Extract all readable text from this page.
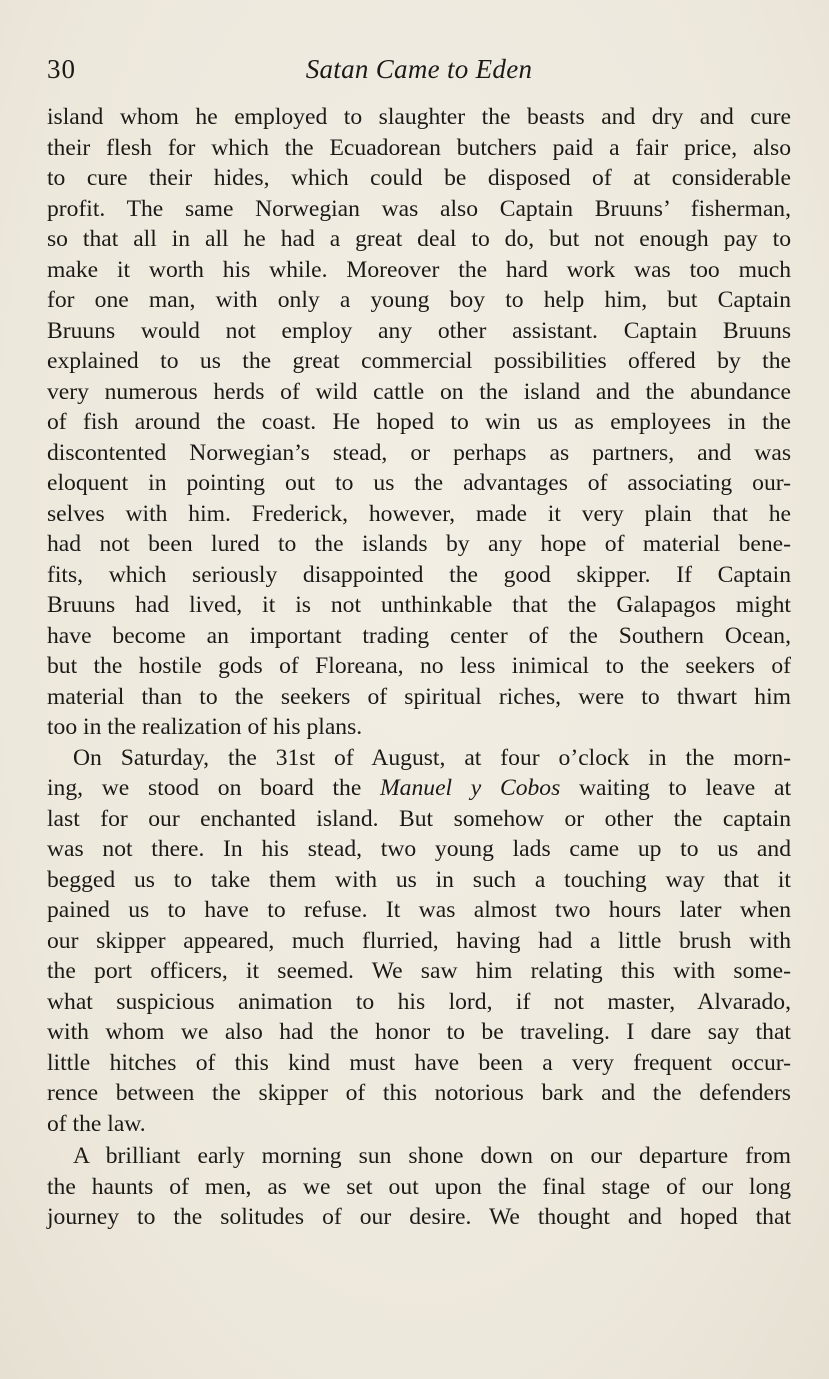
30	Satan Came to Eden
island whom he employed to slaughter the beasts and dry and cure
their flesh for which the Ecuadorean butchers paid a fair price, also
to cure their hides, which could be disposed of at considerable
profit. The same Norwegian was also Captain Bruuns’ fisherman,
so that all in all he had a great deal to do, but not enough pay to
make it worth his while. Moreover the hard work was too much
for one man, with only a young boy to help him, but Captain
Bruuns would not employ any other assistant. Captain Bruuns
explained to us the great commercial possibilities offered by the
very numerous herds of wild cattle on the island and the abundance
of fish around the coast. He hoped to win us as employees in the
discontented Norwegian’s stead, or perhaps as partners, and was
eloquent in pointing out to us the advantages of associating our-
selves with him. Frederick, however, made it very plain that he
had not been lured to the islands by any hope of material bene-
fits, which seriously disappointed the good skipper. If Captain
Bruuns had lived, it is not unthinkable that the Galapagos might
have become an important trading center of the Southern Ocean,
but the hostile gods of Floreana, no less inimical to the seekers of
material than to the seekers of spiritual riches, were to thwart him
too in the realization of his plans.
On Saturday, the 31st of August, at four o’clock in the morn-
ing, we stood on board the Manuel y Cobos waiting to leave at
last for our enchanted island. But somehow or other the captain
was not there. In his stead, two young lads came up to us and
begged us to take them with us in such a touching way that it
pained us to have to refuse. It was almost two hours later when
our skipper appeared, much flurried, having had a little brush with
the port officers, it seemed. We saw him relating this with some-
what suspicious animation to his lord, if not master, Alvarado,
with whom we also had the honor to be traveling. I dare say that
little hitches of this kind must have been a very frequent occur-
rence between the skipper of this notorious bark and the defenders
of the law.
A brilliant early morning sun shone down on our departure from
the haunts of men, as we set out upon the final stage of our long
journey to the solitudes of our desire. We thought and hoped that
